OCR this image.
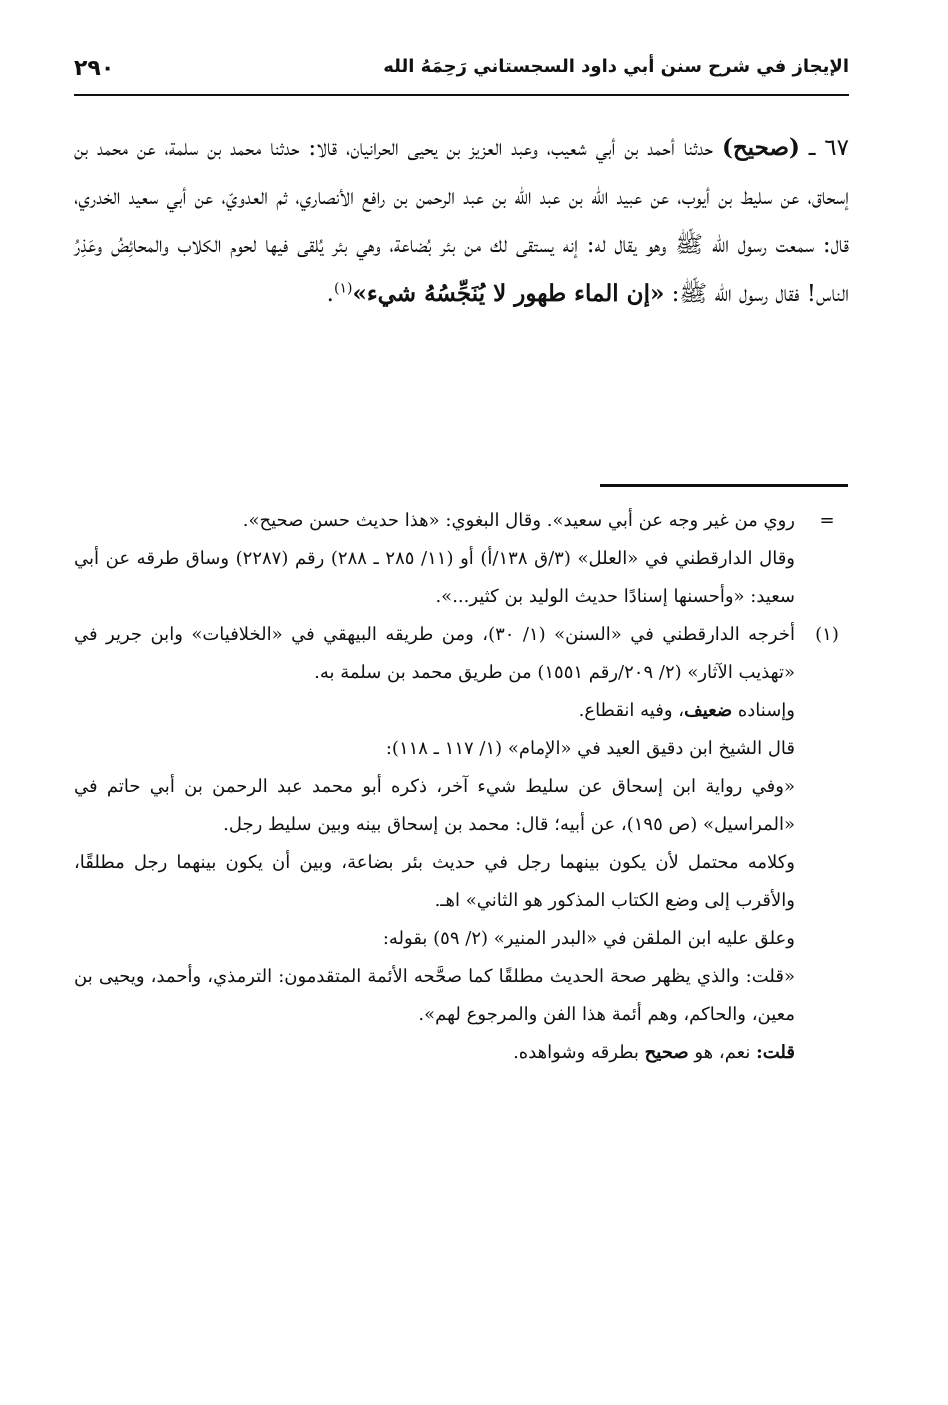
٢٩٠	الإيجاز في شرح سنن أبي داود السجستاني رَحِمَهُ الله
٦٧ ـ (صحيح) حدثنا أحمد بن أبي شعيب، وعبد العزيز بن يحيى الحرانيان، قالا: حدثنا محمد بن سلمة، عن محمد بن إسحاق، عن سليط بن أيوب، عن عبيد الله بن عبد الله بن عبد الرحمن بن رافع الأنصاري، ثم العدويّ، عن أبي سعيد الخدري، قال: سمعت رسول الله ﷺ وهو يقال له: إنه يستقى لك من بئر بُضاعة، وهي بئر يُلقى فيها لحوم الكلاب والمحائِضُ وعَذِرُ الناس! فقال رسول الله ﷺ: «إن الماء طهور لا يُنَجِّسُهُ شيء»$^{(١)}$.
=

روي من غير وجه عن أبي سعيد». وقال البغوي: «هذا حديث حسن صحيح».

وقال الدارقطني في «العلل» (٣/ق ١٣٨/أ) أو (١١/ ٢٨٥ ـ ٢٨٨) رقم (٢٢٨٧) وساق طرقه عن أبي سعيد: «وأحسنها إسنادًا حديث الوليد بن كثير...».

(١)

أخرجه الدارقطني في «السنن» (١/ ٣٠)، ومن طريقه البيهقي في «الخلافيات» وابن جرير في «تهذيب الآثار» (٢/ ٢٠٩/رقم ١٥٥١) من طريق محمد بن سلمة به.

وإسناده ضعيف، وفيه انقطاع.

قال الشيخ ابن دقيق العيد في «الإمام» (١/ ١١٧ ـ ١١٨):

«وفي رواية ابن إسحاق عن سليط شيء آخر، ذكره أبو محمد عبد الرحمن بن أبي حاتم في «المراسيل» (ص ١٩٥)، عن أبيه؛ قال: محمد بن إسحاق بينه وبين سليط رجل.

وكلامه محتمل لأن يكون بينهما رجل في حديث بئر بضاعة، وبين أن يكون بينهما رجل مطلقًا، والأقرب إلى وضع الكتاب المذكور هو الثاني» اهـ.

وعلق عليه ابن الملقن في «البدر المنير» (٢/ ٥٩) بقوله:

«قلت: والذي يظهر صحة الحديث مطلقًا كما صحَّحه الأئمة المتقدمون: الترمذي، وأحمد، ويحيى بن معين، والحاكم، وهم أئمة هذا الفن والمرجوع لهم».

قلت: نعم، هو صحيح بطرقه وشواهده.
